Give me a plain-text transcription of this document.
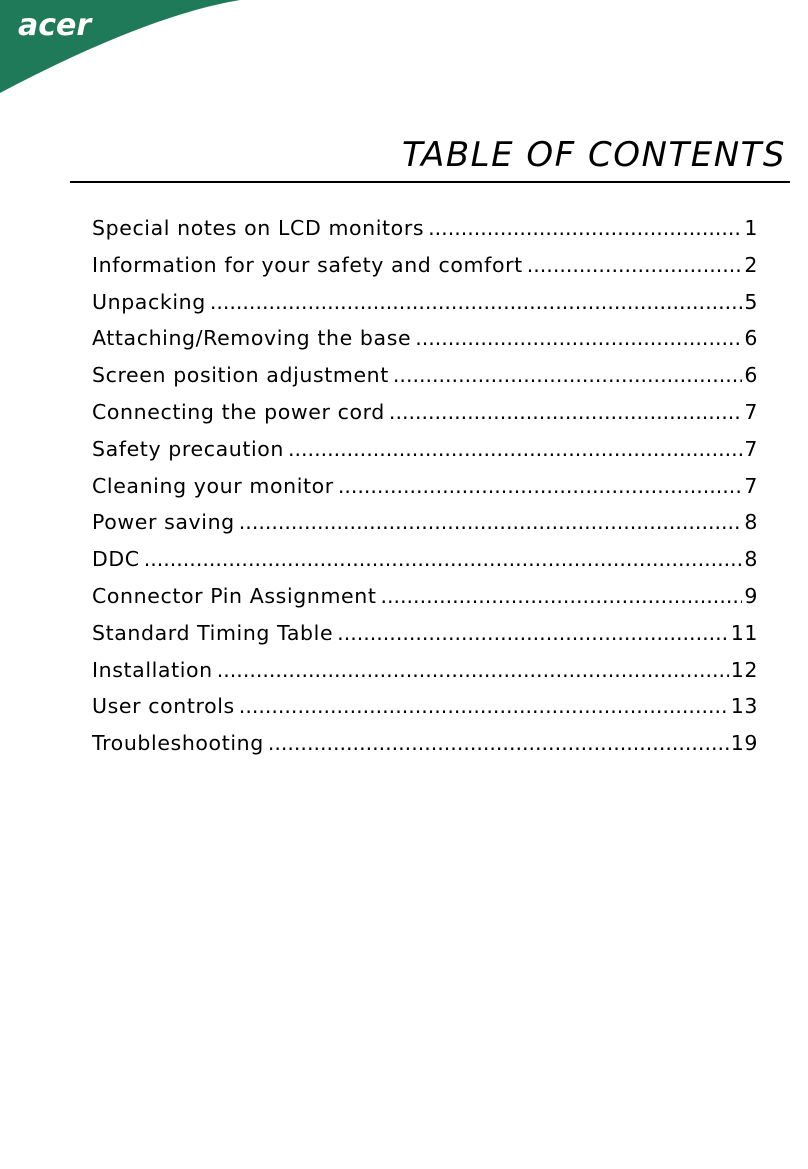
acer
TABLE OF CONTENTS
Special notes on LCD monitors .....	1
Information for your safety and comfort .....	2
Unpacking .....	5
Attaching/Removing the base .....	6
Screen position adjustment .....	6
Connecting the power cord .....	7
Safety precaution .....	7
Cleaning your monitor .....	7
Power saving .....	8
DDC .....	8
Connector Pin Assignment .....	9
Standard Timing Table .....	11
Installation .....	12
User controls .....	13
Troubleshooting .....	19
